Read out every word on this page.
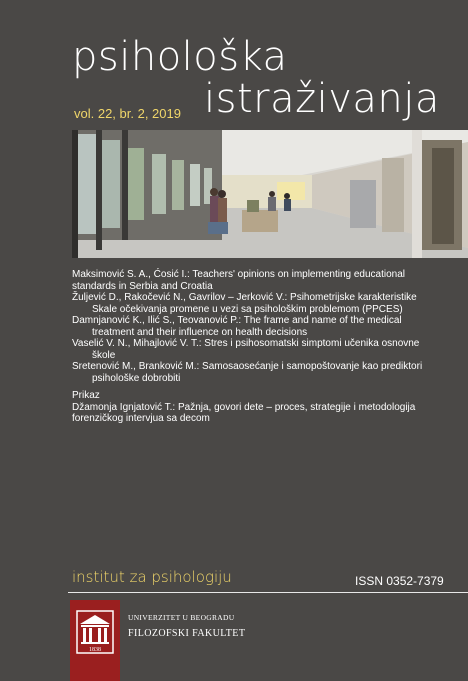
psihološka
istraživanja
vol. 22, br. 2, 2019

Maksimović S. A., Ćosić I.: Teachers' opinions on implementing educational
standards in Serbia and Croatia

Žuljević D., Rakočević N., Gavrilov – Jerković V.: Psihometrijske karakteristike
Skale očekivanja promene u vezi sa psihološkim problemom (PPCES)

Damnjanović K., Ilić S., Teovanović P.: The frame and name of the medical
treatment and their influence on health decisions

Vaselić V. N., Mihajlović V. T.: Stres i psihosomatski simptomi učenika osnovne
škole

Sretenović M., Branković M.: Samosaosećanje i samopoštovanje kao prediktori
psihološke dobrobiti

Prikaz

Džamonja Ignjatović T.: Pažnja, govori dete – proces, strategije i metodologija
forenzičkog intervjua sa decom

institut za psihologiju	ISSN 0352-7379
1838
UNIVERZITET U BEOGRADU
FILOZOFSKI FAKULTET
